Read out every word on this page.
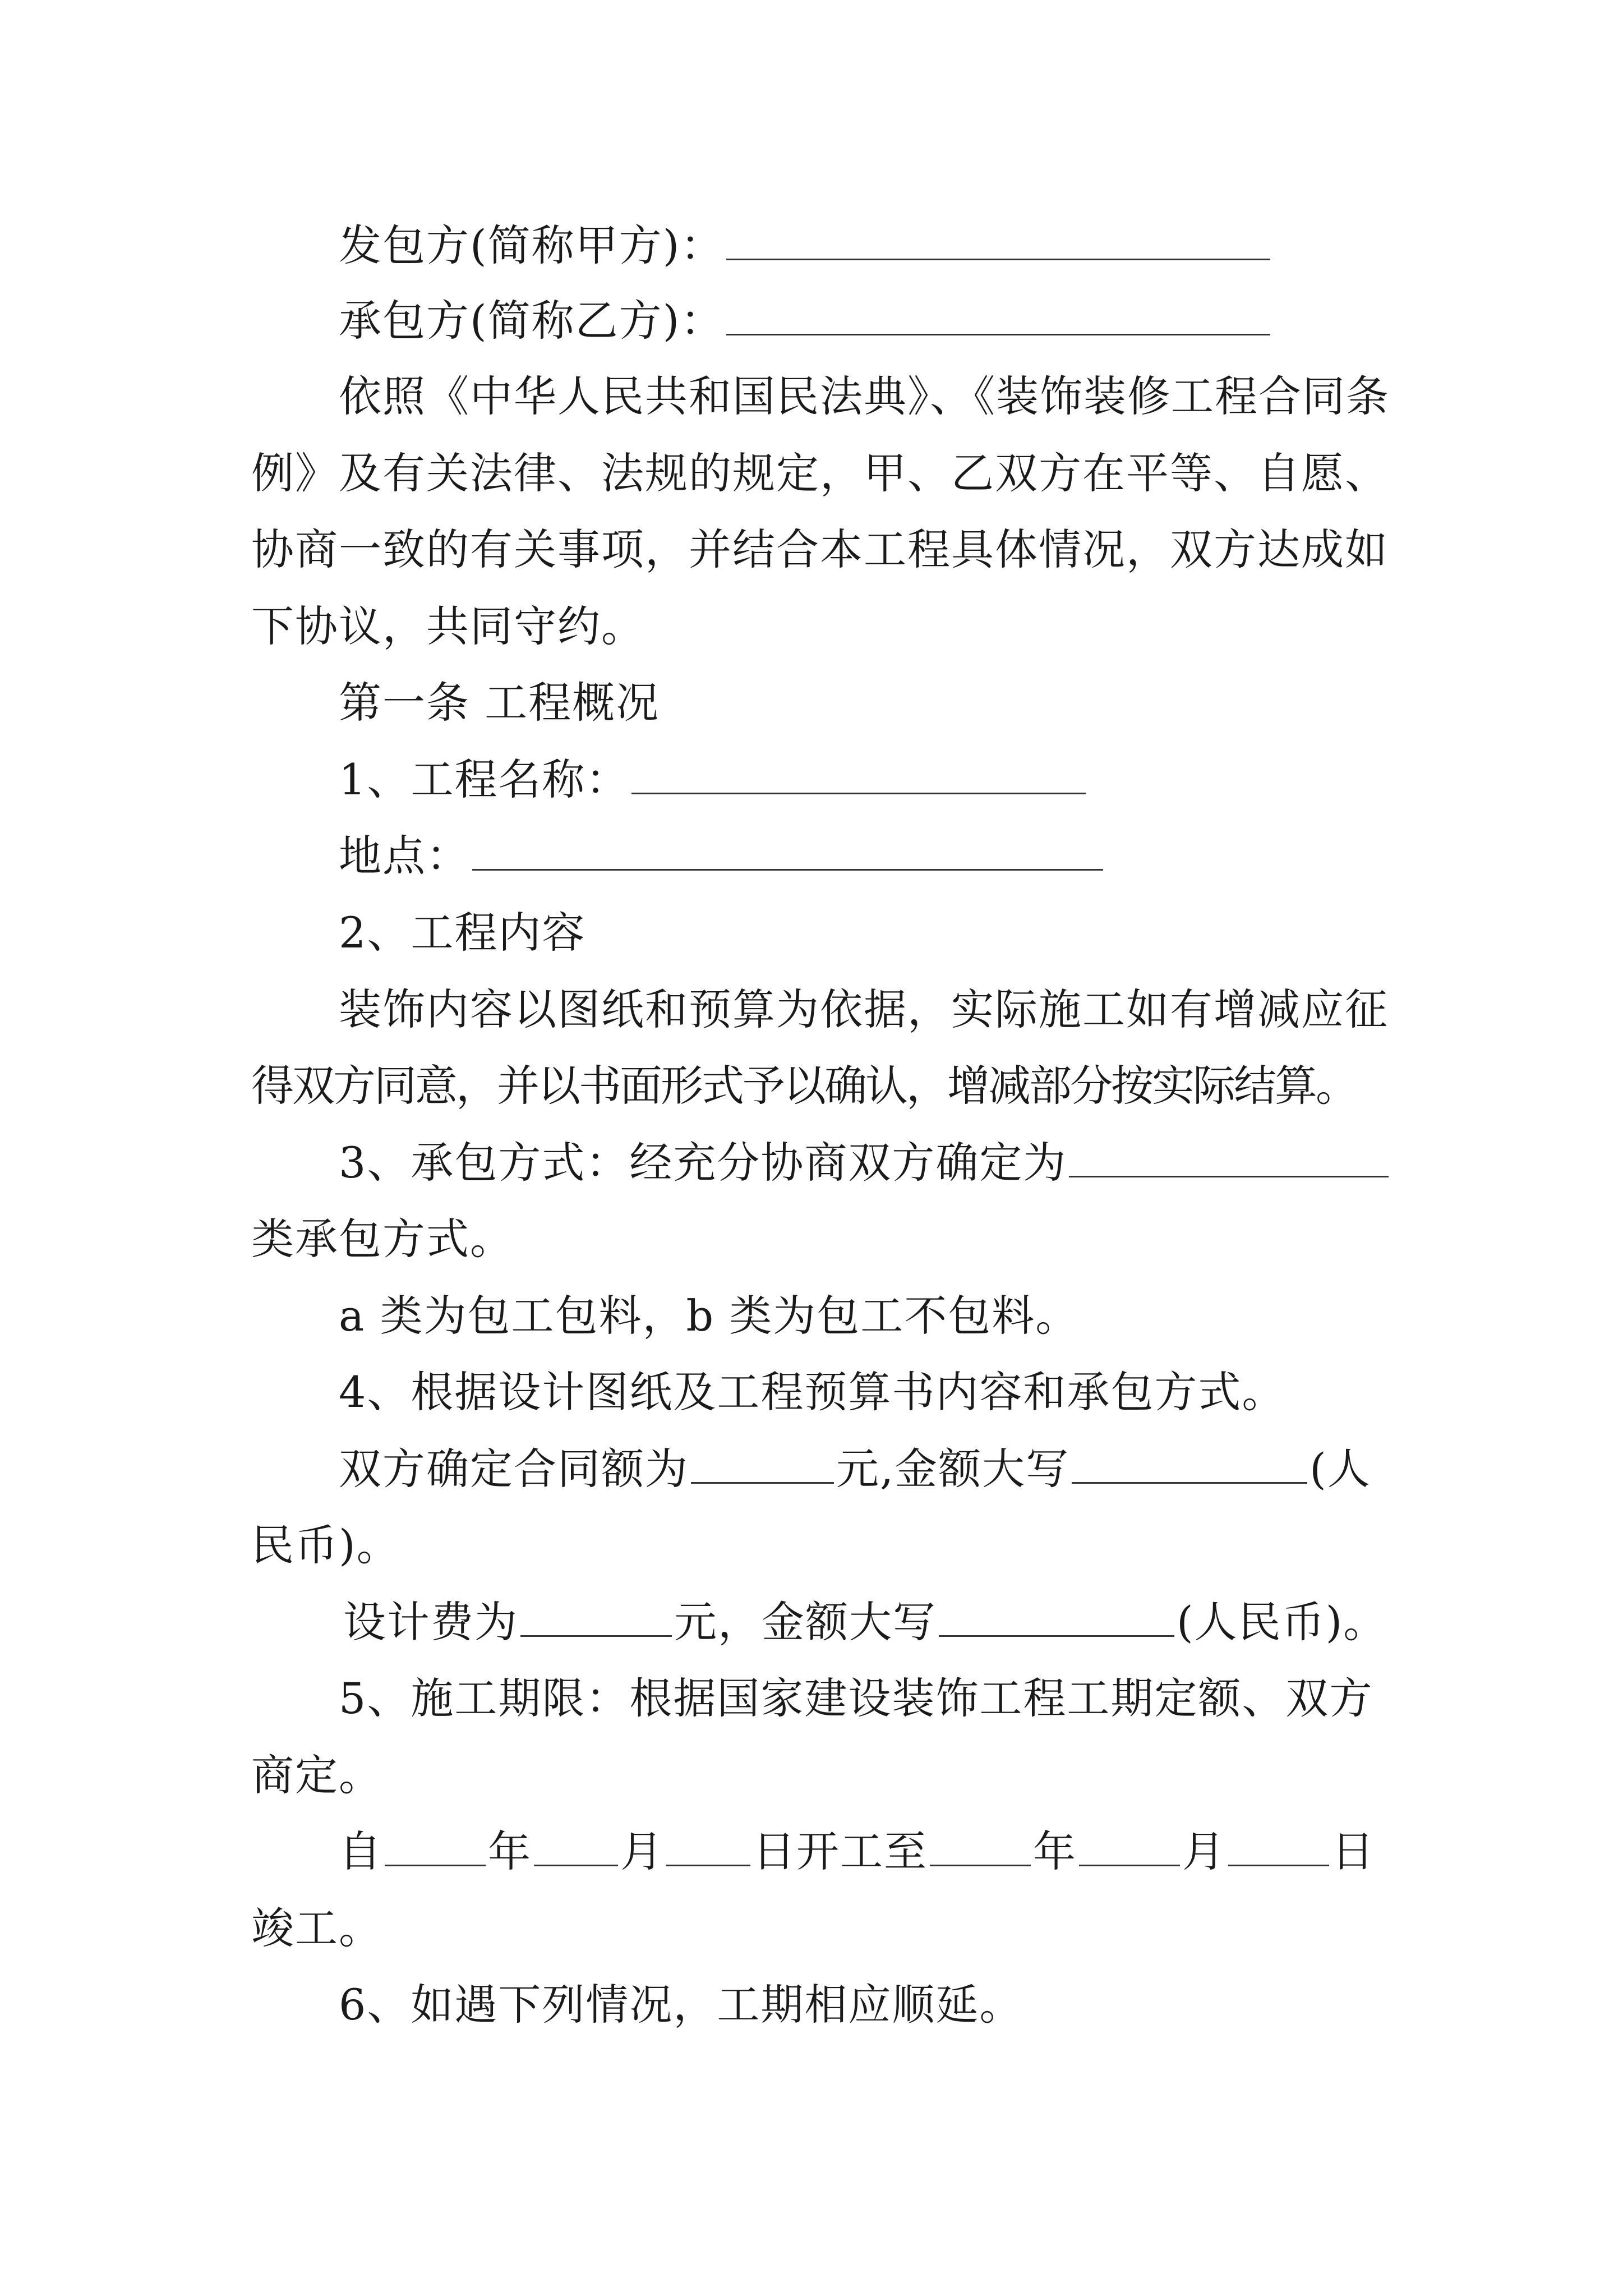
发包方(简称甲方)：
承包方(简称乙方)：
依照《中华人民共和国民法典》、《装饰装修工程合同条
例》及有关法律、法规的规定，甲、乙双方在平等、自愿、
协商一致的有关事项，并结合本工程具体情况，双方达成如
下协议，共同守约。
第一条 工程概况
1、工程名称：
地点：
2、工程内容
装饰内容以图纸和预算为依据，实际施工如有增减应征
得双方同意，并以书面形式予以确认，增减部分按实际结算。
3、承包方式：经充分协商双方确定为
类承包方式。
a 类为包工包料，b 类为包工不包料。
4、根据设计图纸及工程预算书内容和承包方式。
双方确定合同额为	元,金额大写	(人
民币)。
设计费为	元，金额大写	(人民币)。
5、施工期限：根据国家建设装饰工程工期定额、双方
商定。
自 年 月 日开工至 年 月 日
竣工。
6、如遇下列情况，工期相应顺延。
